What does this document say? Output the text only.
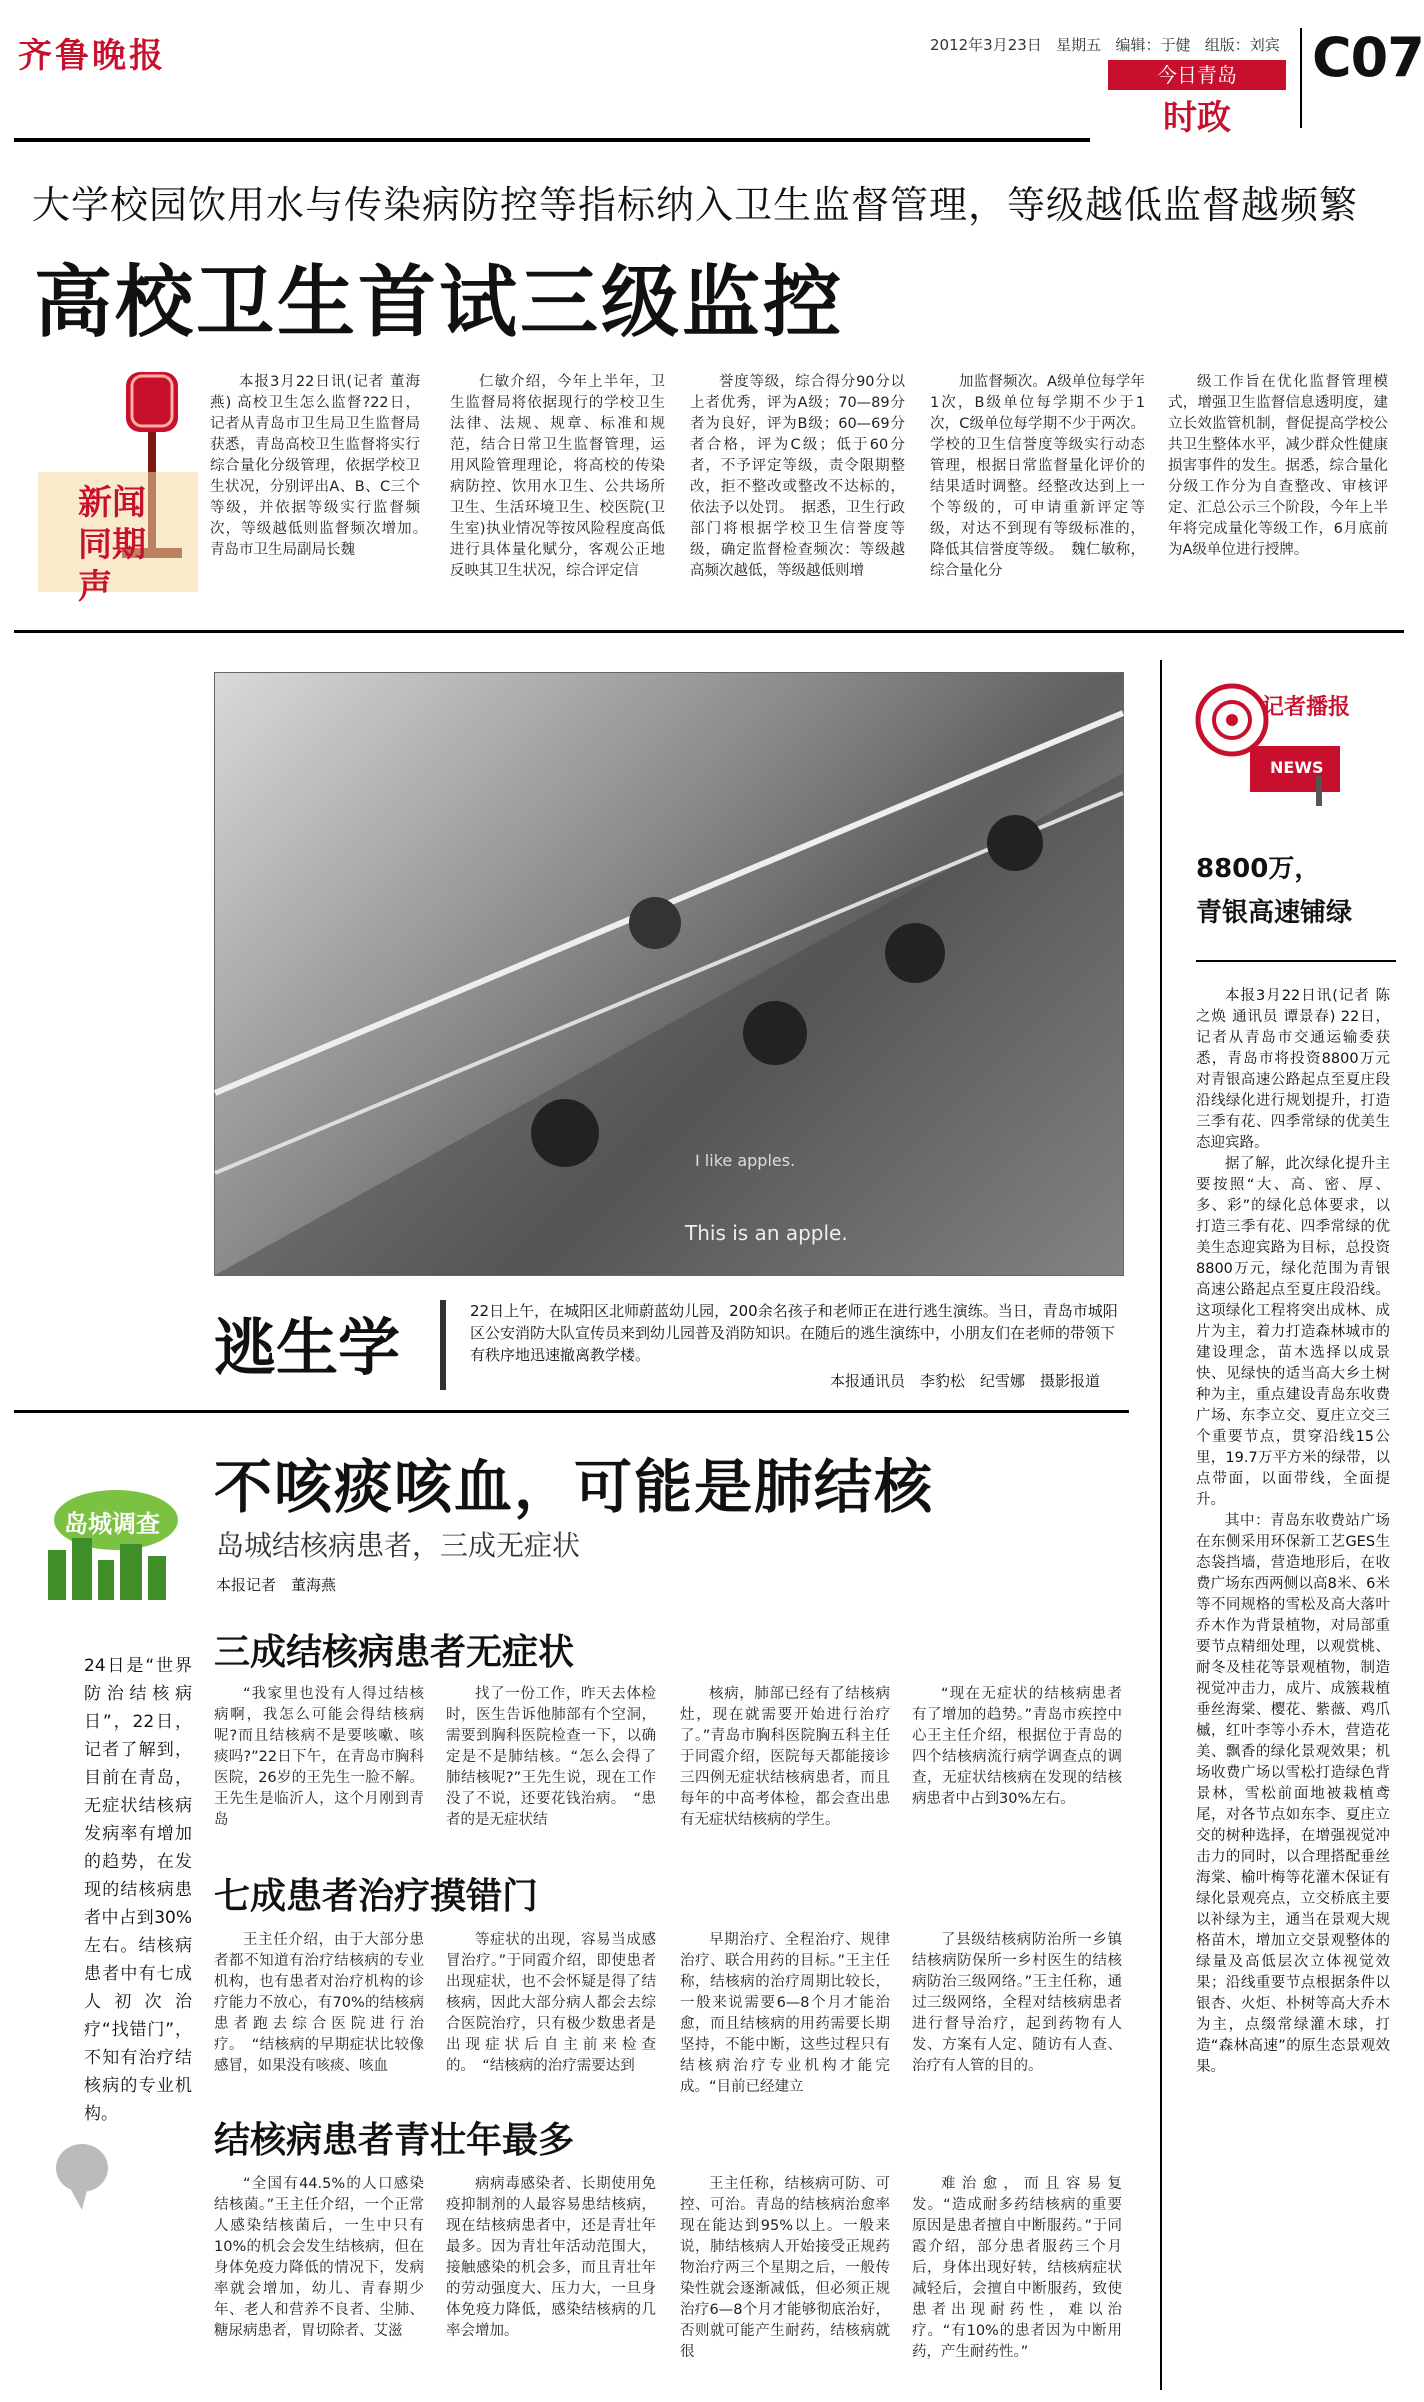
齐鲁晚报	2012年3月23日 星期五 编辑：于健 组版：刘宾 C07
今日青岛
时政
大学校园饮用水与传染病防控等指标纳入卫生监督管理，等级越低监督越频繁
高校卫生首试三级监控
新闻同期声

本报3月22日讯(记者 董海燕) 高校卫生怎么监督?22日，记者从青岛市卫生局卫生监督局获悉，青岛高校卫生监督将实行综合量化分级管理，依据学校卫生状况，分别评出A、B、C三个等级，并依据等级实行监督频次，等级越低则监督频次增加。　青岛市卫生局副局长魏

仁敏介绍，今年上半年，卫生监督局将依据现行的学校卫生法律、法规、规章、标准和规范，结合日常卫生监督管理，运用风险管理理论，将高校的传染病防控、饮用水卫生、公共场所卫生、生活环境卫生、校医院(卫生室)执业情况等按风险程度高低进行具体量化赋分，客观公正地反映其卫生状况，综合评定信

誉度等级，综合得分90分以上者优秀，评为A级；70—89分者为良好，评为B级；60—69分者合格，评为C级；低于60分者，不予评定等级，责令限期整改，拒不整改或整改不达标的，依法予以处罚。　据悉，卫生行政部门将根据学校卫生信誉度等级，确定监督检查频次：等级越高频次越低，等级越低则增

加监督频次。A级单位每学年1次，B级单位每学期不少于1次，C级单位每学期不少于两次。学校的卫生信誉度等级实行动态管理，根据日常监督量化评价的结果适时调整。经整改达到上一个等级的，可申请重新评定等级，对达不到现有等级标准的，降低其信誉度等级。　魏仁敏称，综合量化分

级工作旨在优化监督管理模式，增强卫生监督信息透明度，建立长效监管机制，督促提高学校公共卫生整体水平，减少群众性健康损害事件的发生。据悉，综合量化分级工作分为自查整改、审核评定、汇总公示三个阶段，今年上半年将完成量化等级工作，6月底前为A级单位进行授牌。

This is an apple.
I like apples.
逃生学	22日上午，在城阳区北师蔚蓝幼儿园，200余名孩子和老师正在进行逃生演练。当日，青岛市城阳区公安消防大队宣传员来到幼儿园普及消防知识。在随后的逃生演练中，小朋友们在老师的带领下有秩序地迅速撤离教学楼。
本报通讯员　李豹松　纪雪娜　摄影报道
岛城调查
不咳痰咳血，可能是肺结核
岛城结核病患者，三成无症状
本报记者　董海燕
24日是“世界防治结核病日”，22日，记者了解到，目前在青岛，无症状结核病发病率有增加的趋势，在发现的结核病患者中占到30%左右。结核病患者中有七成人初次治疗“找错门”，不知有治疗结核病的专业机构。
三成结核病患者无症状

“我家里也没有人得过结核病啊，我怎么可能会得结核病呢?而且结核病不是要咳嗽、咳痰吗?”22日下午，在青岛市胸科医院，26岁的王先生一脸不解。王先生是临沂人，这个月刚到青岛

找了一份工作，昨天去体检时，医生告诉他肺部有个空洞，需要到胸科医院检查一下，以确定是不是肺结核。“怎么会得了肺结核呢?”王先生说，现在工作没了不说，还要花钱治病。　“患者的是无症状结

核病，肺部已经有了结核病灶，现在就需要开始进行治疗了。”青岛市胸科医院胸五科主任于同霞介绍，医院每天都能接诊三四例无症状结核病患者，而且每年的中高考体检，都会查出患有无症状结核病的学生。

“现在无症状的结核病患者有了增加的趋势。”青岛市疾控中心王主任介绍，根据位于青岛的四个结核病流行病学调查点的调查，无症状结核病在发现的结核病患者中占到30%左右。

七成患者治疗摸错门

王主任介绍，由于大部分患者都不知道有治疗结核病的专业机构，也有患者对治疗机构的诊疗能力不放心，有70%的结核病患者跑去综合医院进行治疗。　“结核病的早期症状比较像感冒，如果没有咳痰、咳血

等症状的出现，容易当成感冒治疗。”于同霞介绍，即使患者出现症状，也不会怀疑是得了结核病，因此大部分病人都会去综合医院治疗，只有极少数患者是出现症状后自主前来检查的。　“结核病的治疗需要达到

早期治疗、全程治疗、规律治疗、联合用药的目标。”王主任称，结核病的治疗周期比较长，一般来说需要6—8个月才能治愈，而且结核病的用药需要长期坚持，不能中断，这些过程只有结核病治疗专业机构才能完成。“目前已经建立

了县级结核病防治所一乡镇结核病防保所一乡村医生的结核病防治三级网络。”王主任称，通过三级网络，全程对结核病患者进行督导治疗，起到药物有人发、方案有人定、随访有人查、治疗有人管的目的。

结核病患者青壮年最多

“全国有44.5%的人口感染结核菌。”王主任介绍，一个正常人感染结核菌后，一生中只有10%的机会会发生结核病，但在身体免疫力降低的情况下，发病率就会增加，幼儿、青春期少年、老人和营养不良者、尘肺、糖尿病患者，胃切除者、艾滋

病病毒感染者、长期使用免疫抑制剂的人最容易患结核病，现在结核病患者中，还是青壮年最多。因为青壮年活动范围大，接触感染的机会多，而且青壮年的劳动强度大、压力大，一旦身体免疫力降低，感染结核病的几率会增加。

王主任称，结核病可防、可控、可治。青岛的结核病治愈率现在能达到95%以上。一般来说，肺结核病人开始接受正规药物治疗两三个星期之后，一般传染性就会逐渐减低，但必须正规治疗6—8个月才能够彻底治好，否则就可能产生耐药，结核病就很

难治愈，而且容易复发。“造成耐多药结核病的重要原因是患者擅自中断服药。”于同霞介绍，部分患者服药三个月后，身体出现好转，结核病症状减轻后，会擅自中断服药，致使患者出现耐药性，难以治疗。“有10%的患者因为中断用药，产生耐药性。”

记者播报
NEWS
8800万，
青银高速铺绿

本报3月22日讯(记者 陈之焕 通讯员 谭景春) 22日，记者从青岛市交通运输委获悉，青岛市将投资8800万元对青银高速公路起点至夏庄段沿线绿化进行规划提升，打造三季有花、四季常绿的优美生态迎宾路。

据了解，此次绿化提升主要按照“大、高、密、厚、多、彩”的绿化总体要求，以打造三季有花、四季常绿的优美生态迎宾路为目标，总投资8800万元，绿化范围为青银高速公路起点至夏庄段沿线。这项绿化工程将突出成林、成片为主，着力打造森林城市的建设理念，苗木选择以成景快、见绿快的适当高大乡土树种为主，重点建设青岛东收费广场、东李立交、夏庄立交三个重要节点，贯穿沿线15公里，19.7万平方米的绿带，以点带面，以面带线，全面提升。

其中：青岛东收费站广场在东侧采用环保新工艺GES生态袋挡墙，营造地形后，在收费广场东西两侧以高8米、6米等不同规格的雪松及高大落叶乔木作为背景植物，对局部重要节点精细处理，以观赏桃、耐冬及桂花等景观植物，制造视觉冲击力，成片、成簇栽植垂丝海棠、樱花、紫薇、鸡爪槭，红叶李等小乔木，营造花美、飘香的绿化景观效果；机场收费广场以雪松打造绿色背景林，雪松前面地被栽植鸢尾，对各节点如东李、夏庄立交的树种选择，在增强视觉冲击力的同时，以合理搭配垂丝海棠、榆叶梅等花灌木保证有绿化景观亮点，立交桥底主要以补绿为主，通当在景观大规格苗木，增加立交景观整体的绿量及高低层次立体视觉效果；沿线重要节点根据条件以银杏、火炬、朴树等高大乔木为主，点缀常绿灌木球，打造“森林高速”的原生态景观效果。
